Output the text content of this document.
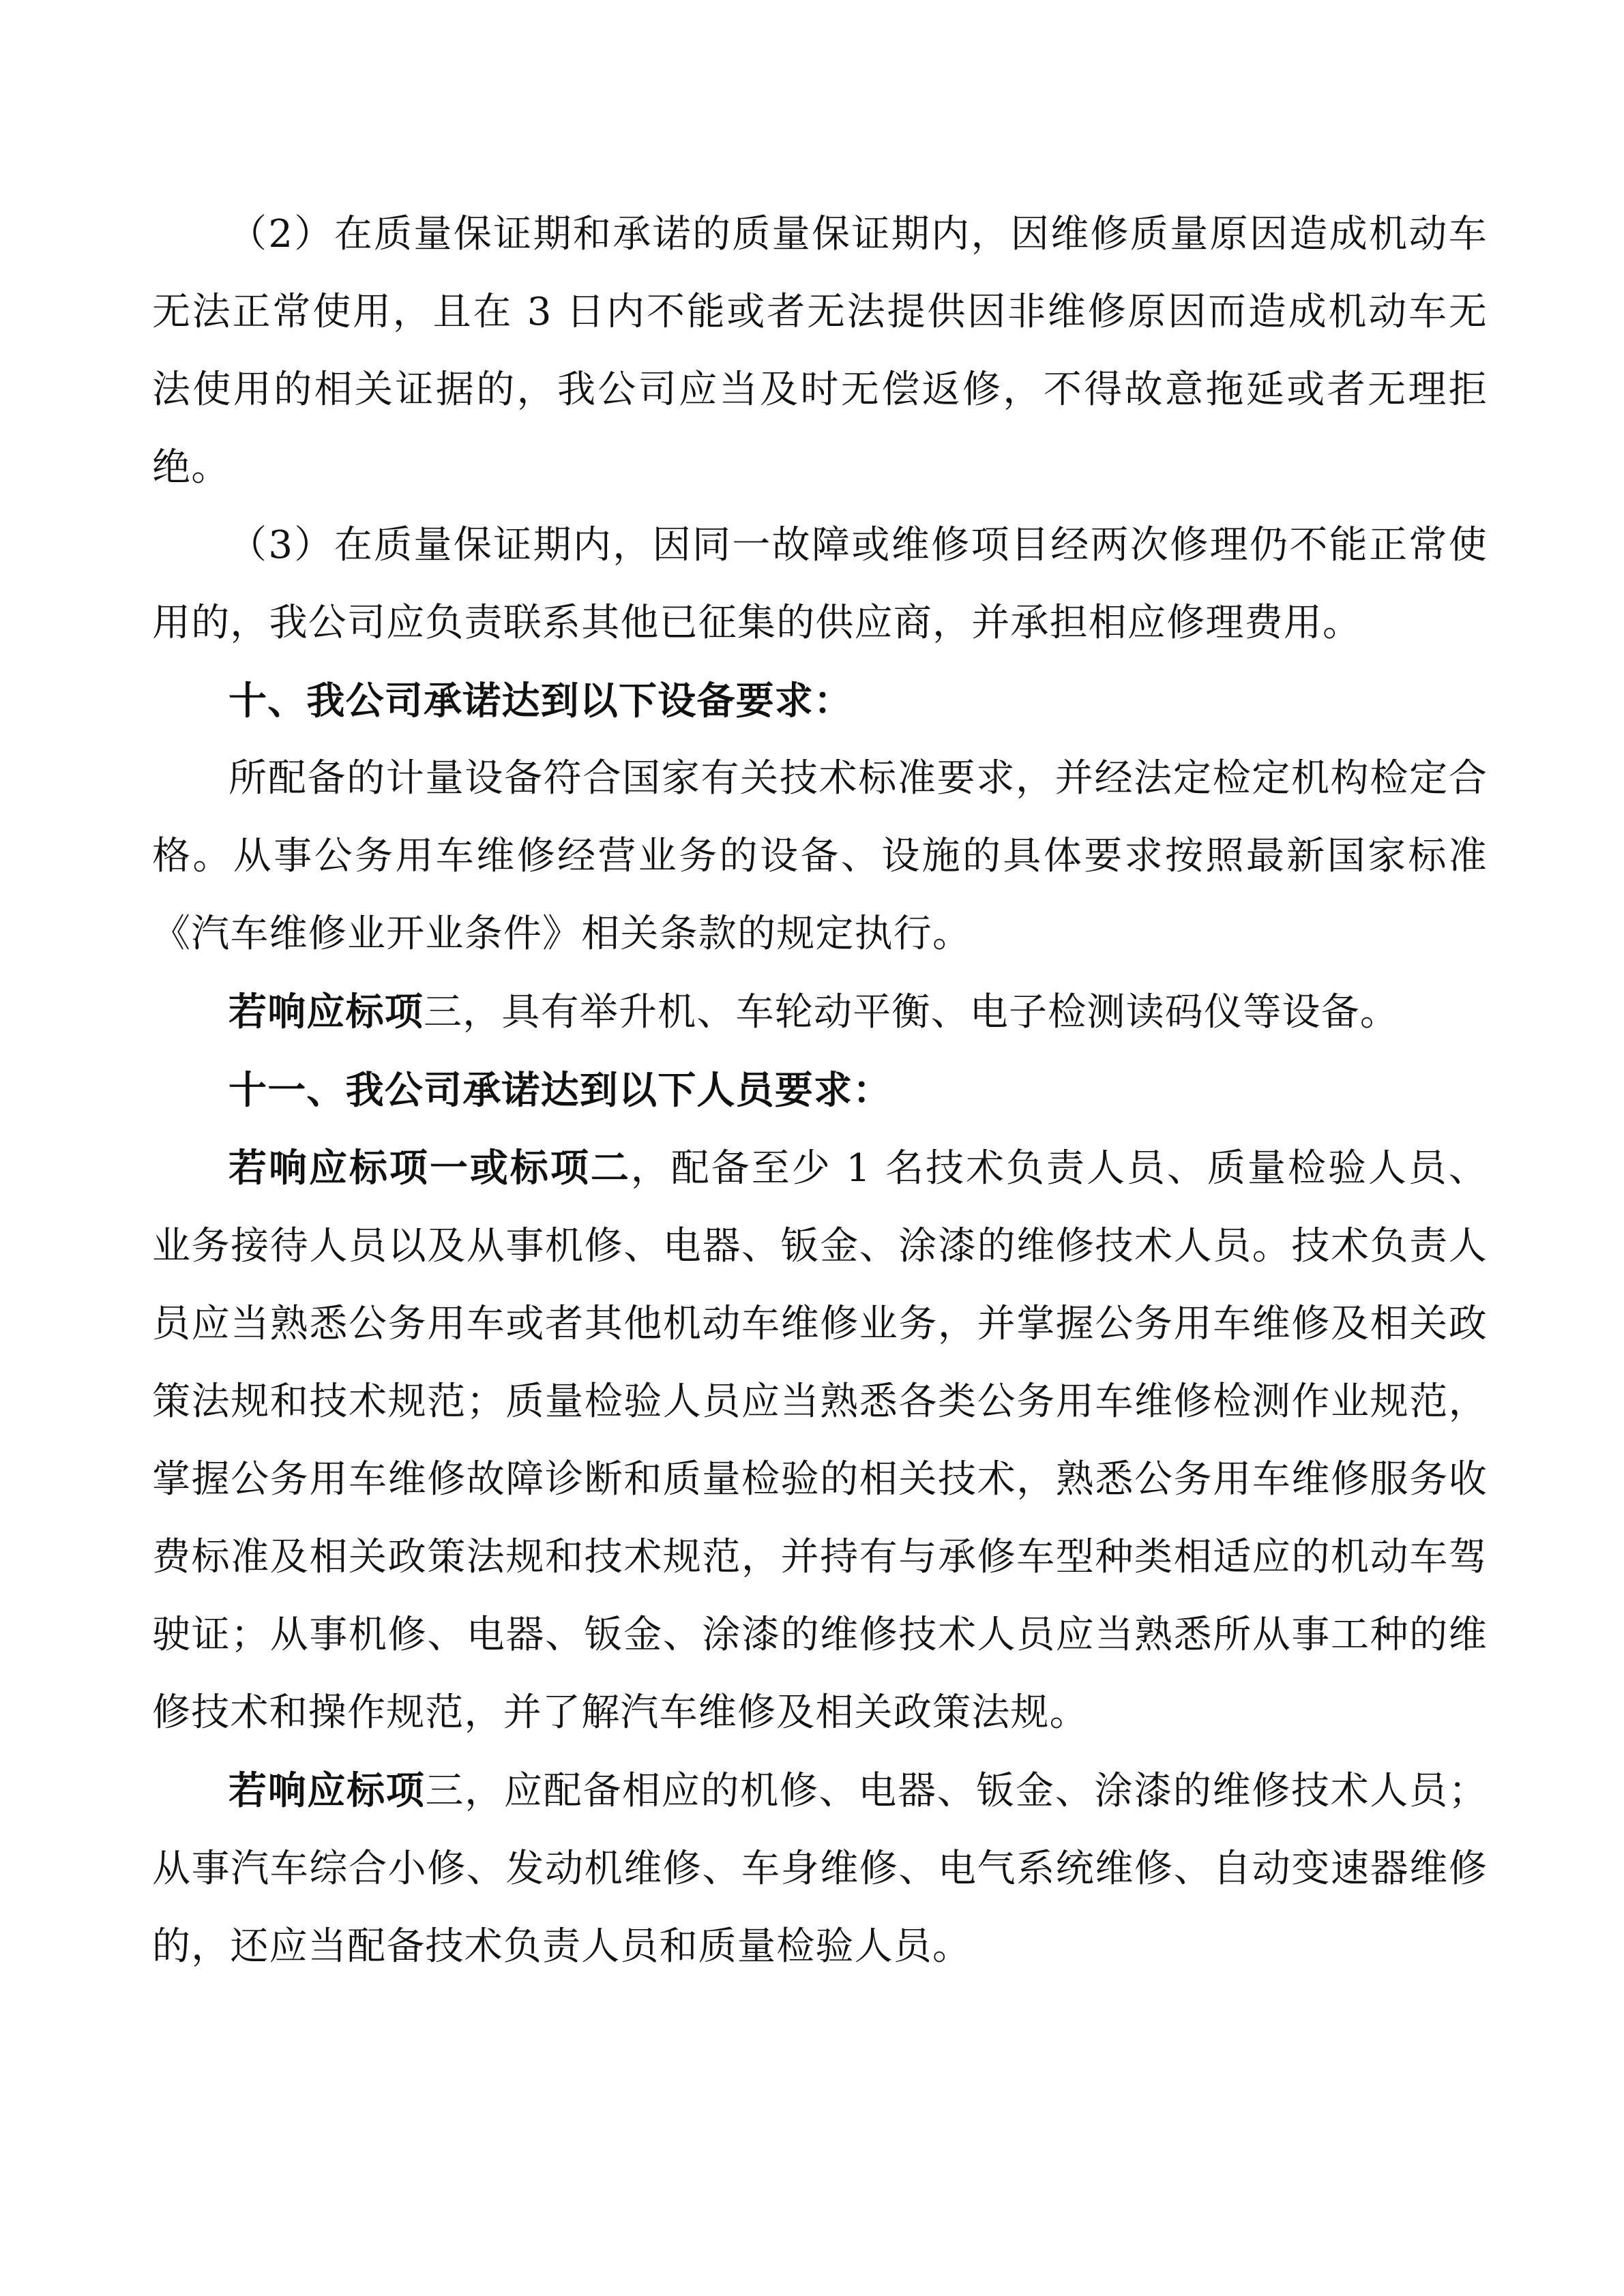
（2）在质量保证期和承诺的质量保证期内，因维修质量原因造成机动车无法正常使用，且在 3 日内不能或者无法提供因非维修原因而造成机动车无法使用的相关证据的，我公司应当及时无偿返修，不得故意拖延或者无理拒绝。

（3）在质量保证期内，因同一故障或维修项目经两次修理仍不能正常使用的，我公司应负责联系其他已征集的供应商，并承担相应修理费用。

十、我公司承诺达到以下设备要求：

所配备的计量设备符合国家有关技术标准要求，并经法定检定机构检定合格。从事公务用车维修经营业务的设备、设施的具体要求按照最新国家标准《汽车维修业开业条件》相关条款的规定执行。

若响应标项三，具有举升机、车轮动平衡、电子检测读码仪等设备。

十一、我公司承诺达到以下人员要求：

若响应标项一或标项二，配备至少 1 名技术负责人员、质量检验人员、业务接待人员以及从事机修、电器、钣金、涂漆的维修技术人员。技术负责人员应当熟悉公务用车或者其他机动车维修业务，并掌握公务用车维修及相关政策法规和技术规范；质量检验人员应当熟悉各类公务用车维修检测作业规范，掌握公务用车维修故障诊断和质量检验的相关技术，熟悉公务用车维修服务收费标准及相关政策法规和技术规范，并持有与承修车型种类相适应的机动车驾驶证；从事机修、电器、钣金、涂漆的维修技术人员应当熟悉所从事工种的维修技术和操作规范，并了解汽车维修及相关政策法规。

若响应标项三，应配备相应的机修、电器、钣金、涂漆的维修技术人员；从事汽车综合小修、发动机维修、车身维修、电气系统维修、自动变速器维修的，还应当配备技术负责人员和质量检验人员。
